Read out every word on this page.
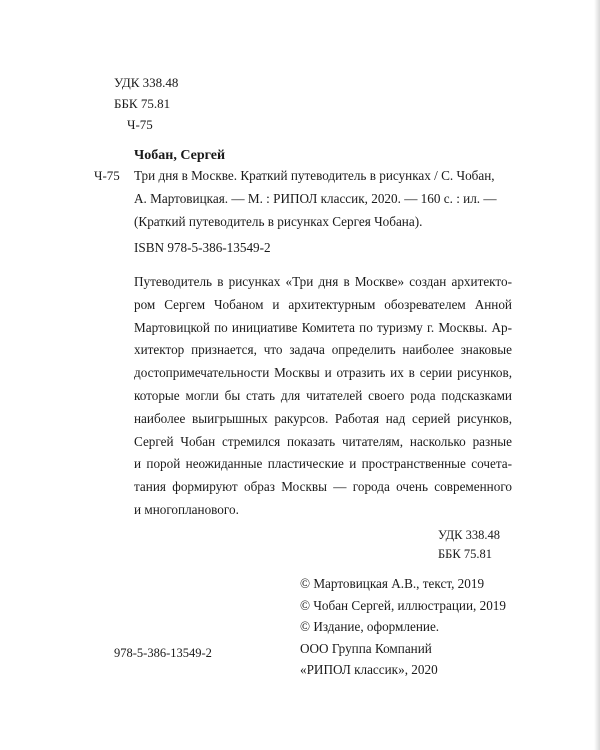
УДК 338.48
ББК 75.81
Ч-75
Чобан, Сергей
Ч-75 Три дня в Москве. Краткий путеводитель в рисунках / С. Чобан,
А. Мартовицкая. — М. : РИПОЛ классик, 2020. — 160 с. : ил. —
(Краткий путеводитель в рисунках Сергея Чобана).
ISBN 978-5-386-13549-2
Путеводитель в рисунках «Три дня в Москве» создан архитекто-
ром Сергем Чобаном и архитектурным обозревателем Анной
Мартовицкой по инициативе Комитета по туризму г. Москвы. Ар-
хитектор признается, что задача определить наиболее знаковые
достопримечательности Москвы и отразить их в серии рисунков,
которые могли бы стать для читателей своего рода подсказками
наиболее выигрышных ракурсов. Работая над серией рисунков,
Сергей Чобан стремился показать читателям, насколько разные
и порой неожиданные пластические и пространственные сочета-
тания формируют образ Москвы — города очень современного
и многопланового.
УДК 338.48
ББК 75.81
© Мартовицкая А.В., текст, 2019
© Чобан Сергей, иллюстрации, 2019
© Издание, оформление.
ООО Группа Компаний
«РИПОЛ классик», 2020
978-5-386-13549-2
